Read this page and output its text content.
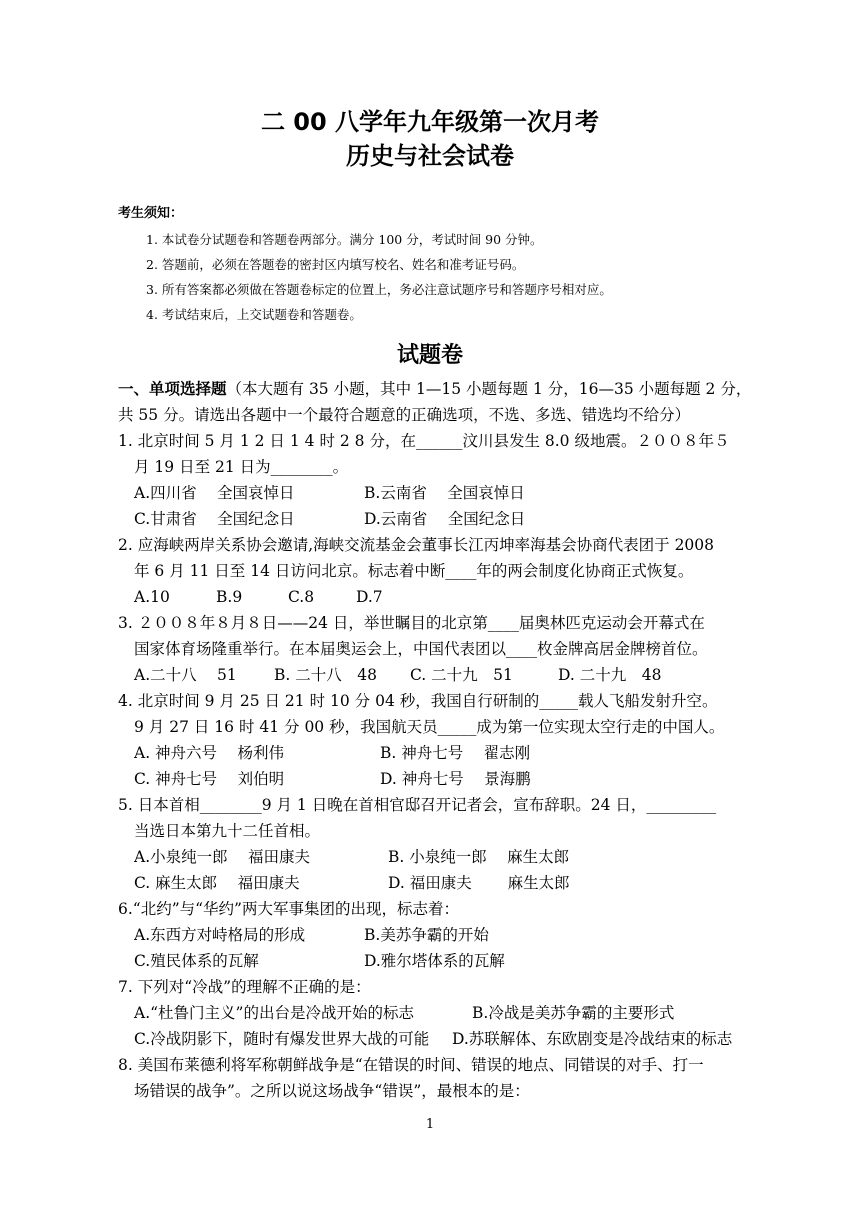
二 00 八学年九年级第一次月考
历史与社会试卷
考生须知：
1. 本试卷分试题卷和答题卷两部分。满分 100 分，考试时间 90 分钟。
2. 答题前，必须在答题卷的密封区内填写校名、姓名和准考证号码。
3. 所有答案都必须做在答题卷标定的位置上，务必注意试题序号和答题序号相对应。
4. 考试结束后，上交试题卷和答题卷。
试题卷
一、单项选择题（本大题有 35 小题，其中 1—15 小题每题 1 分，16—35 小题每题 2 分，
共 55 分。请选出各题中一个最符合题意的正确选项，不选、多选、错选均不给分）
1. 北京时间 5 月 1 2 日 1 4 时 2 8 分，在______汶川县发生 8.0 级地震。２００８年５
月 19 日至 21 日为________。
A.四川省　 全国哀悼日	B.云南省　 全国哀悼日
C.甘肃省　 全国纪念日	D.云南省　 全国纪念日
2. 应海峡两岸关系协会邀请,海峡交流基金会董事长江丙坤率海基会协商代表团于 2008
年 6 月 11 日至 14 日访问北京。标志着中断____年的两会制度化协商正式恢复。
A.10	B.9	C.8	D.7
3. ２００８年８月８日——24 日，举世瞩目的北京第____届奥林匹克运动会开幕式在
国家体育场隆重举行。在本届奥运会上，中国代表团以____枚金牌高居金牌榜首位。
A.二十八　 51 B. 二十八　48 C. 二十九　51	D. 二十九　48
4. 北京时间 9 月 25 日 21 时 10 分 04 秒，我国自行研制的_____载人飞船发射升空。
9 月 27 日 16 时 41 分 00 秒，我国航天员_____成为第一位实现太空行走的中国人。
A. 神舟六号　 杨利伟	B. 神舟七号　 翟志刚
C. 神舟七号　 刘伯明	D. 神舟七号　 景海鹏
5. 日本首相________9 月 1 日晚在首相官邸召开记者会，宣布辞职。24 日，_________
当选日本第九十二任首相。
A.小泉纯一郎　 福田康夫	B. 小泉纯一郎　 麻生太郎
C. 麻生太郎　 福田康夫	D. 福田康夫　　 麻生太郎
6.“北约”与“华约”两大军事集团的出现，标志着：
A.东西方对峙格局的形成	B.美苏争霸的开始
C.殖民体系的瓦解	D.雅尔塔体系的瓦解
7. 下列对“冷战”的理解不正确的是：
A.“杜鲁门主义”的出台是冷战开始的标志	B.冷战是美苏争霸的主要形式
C.冷战阴影下，随时有爆发世界大战的可能 D.苏联解体、东欧剧变是冷战结束的标志
8. 美国布莱德利将军称朝鲜战争是“在错误的时间、错误的地点、同错误的对手、打一
场错误的战争”。之所以说这场战争“错误”，最根本的是：
1
